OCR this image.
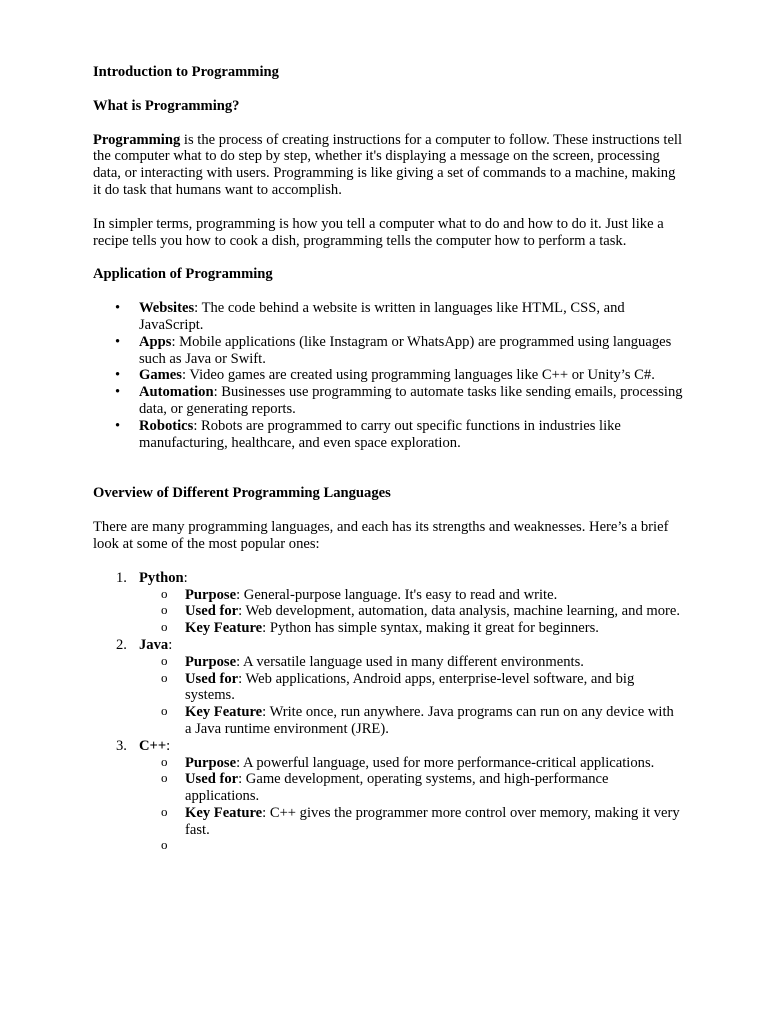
Introduction to Programming
What is Programming?

Programming is the process of creating instructions for a computer to follow. These instructions tell the computer what to do step by step, whether it's displaying a message on the screen, processing data, or interacting with users. Programming is like giving a set of commands to a machine, making it do task that humans want to accomplish.

In simpler terms, programming is how you tell a computer what to do and how to do it. Just like a recipe tells you how to cook a dish, programming tells the computer how to perform a task.

Application of Programming
• Websites: The code behind a website is written in languages like HTML, CSS, and JavaScript.
• Apps: Mobile applications (like Instagram or WhatsApp) are programmed using languages such as Java or Swift.
• Games: Video games are created using programming languages like C++ or Unity’s C#.
• Automation: Businesses use programming to automate tasks like sending emails, processing data, or generating reports.
• Robotics: Robots are programmed to carry out specific functions in industries like manufacturing, healthcare, and even space exploration.
Overview of Different Programming Languages

There are many programming languages, and each has its strengths and weaknesses. Here’s a brief look at some of the most popular ones:

1. Python:
o Purpose: General-purpose language. It's easy to read and write.
o Used for: Web development, automation, data analysis, machine learning, and more.
o Key Feature: Python has simple syntax, making it great for beginners.
2. Java:
o Purpose: A versatile language used in many different environments.
o Used for: Web applications, Android apps, enterprise-level software, and big systems.
o Key Feature: Write once, run anywhere. Java programs can run on any device with a Java runtime environment (JRE).
3. C++:
o Purpose: A powerful language, used for more performance-critical applications.
o Used for: Game development, operating systems, and high-performance applications.
o Key Feature: C++ gives the programmer more control over memory, making it very fast.
o
